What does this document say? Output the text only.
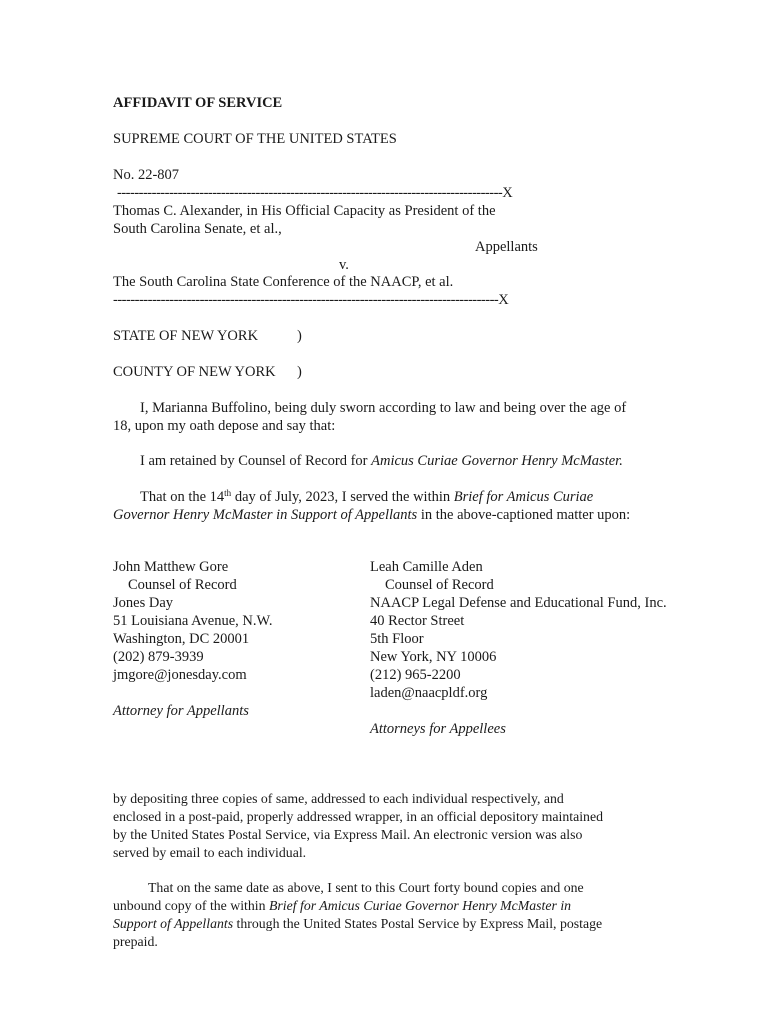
AFFIDAVIT OF SERVICE
SUPREME COURT OF THE UNITED STATES
No. 22-807
-----------------------------------------------------------------------------------------X
Thomas C. Alexander, in His Official Capacity as President of the
South Carolina Senate, et al.,
Appellants
v.
The South Carolina State Conference of the NAACP, et al.
-----------------------------------------------------------------------------------------X
STATE OF NEW YORK	)
COUNTY OF NEW YORK )
I, Marianna Buffolino, being duly sworn according to law and being over the age of
18, upon my oath depose and say that:
I am retained by Counsel of Record for Amicus Curiae Governor Henry McMaster.
That on the 14th day of July, 2023, I served the within Brief for Amicus Curiae
Governor Henry McMaster in Support of Appellants in the above-captioned matter upon:
John Matthew Gore
Counsel of Record
Jones Day
51 Louisiana Avenue, N.W.
Washington, DC 20001
(202) 879-3939
jmgore@jonesday.com
Attorney for Appellants
Leah Camille Aden
Counsel of Record
NAACP Legal Defense and Educational Fund, Inc.
40 Rector Street
5th Floor
New York, NY 10006
(212) 965-2200
laden@naacpldf.org
Attorneys for Appellees
by depositing three copies of same, addressed to each individual respectively, and
enclosed in a post-paid, properly addressed wrapper, in an official depository maintained
by the United States Postal Service, via Express Mail. An electronic version was also
served by email to each individual.
That on the same date as above, I sent to this Court forty bound copies and one
unbound copy of the within Brief for Amicus Curiae Governor Henry McMaster in
Support of Appellants through the United States Postal Service by Express Mail, postage
prepaid.
